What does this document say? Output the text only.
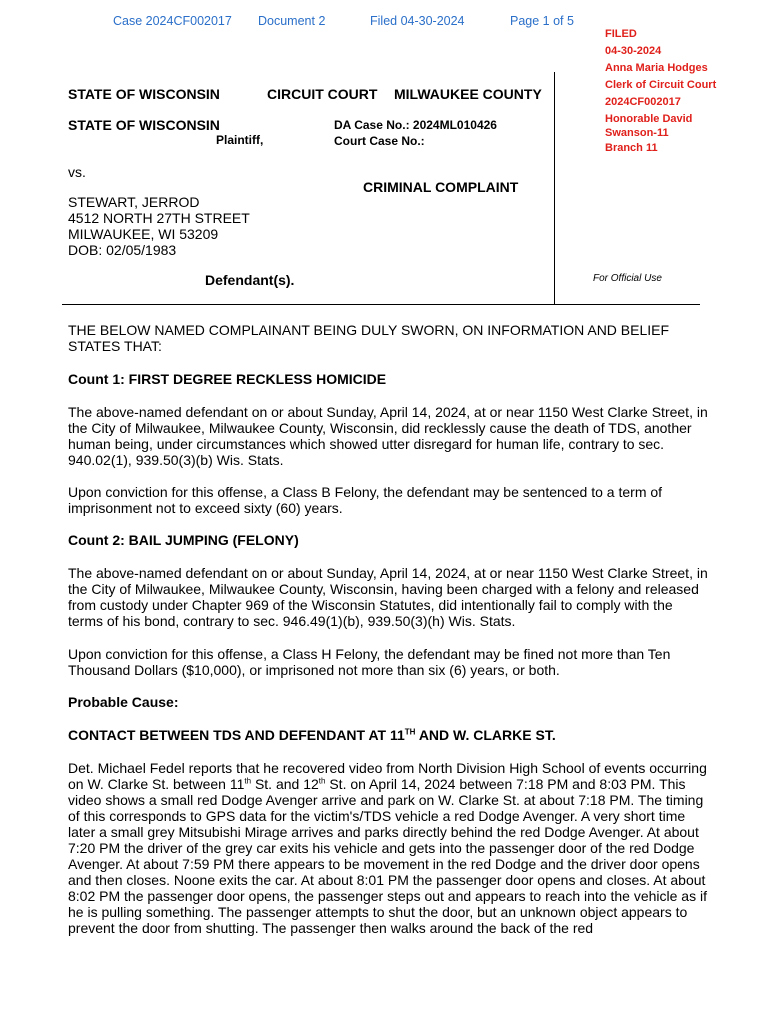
Case 2024CF002017 Document 2	Filed 04-30-2024	Page 1 of 5
FILED
04-30-2024
Anna Maria Hodges
Clerk of Circuit Court
2024CF002017
Honorable David
Swanson-11
Branch 11
STATE OF WISCONSIN	CIRCUIT COURT MILWAUKEE COUNTY
STATE OF WISCONSIN
Plaintiff,
DA Case No.: 2024ML010426
Court Case No.:
vs.
CRIMINAL COMPLAINT
STEWART, JERROD
4512 NORTH 27TH STREET
MILWAUKEE, WI 53209
DOB: 02/05/1983
Defendant(s).	For Official Use

THE BELOW NAMED COMPLAINANT BEING DULY SWORN, ON INFORMATION AND BELIEF STATES THAT:

Count 1: FIRST DEGREE RECKLESS HOMICIDE

The above-named defendant on or about Sunday, April 14, 2024, at or near 1150 West Clarke Street, in the City of Milwaukee, Milwaukee County, Wisconsin, did recklessly cause the death of TDS, another human being, under circumstances which showed utter disregard for human life, contrary to sec. 940.02(1), 939.50(3)(b) Wis. Stats.

Upon conviction for this offense, a Class B Felony, the defendant may be sentenced to a term of imprisonment not to exceed sixty (60) years.

Count 2: BAIL JUMPING (FELONY)

The above-named defendant on or about Sunday, April 14, 2024, at or near 1150 West Clarke Street, in the City of Milwaukee, Milwaukee County, Wisconsin, having been charged with a felony and released from custody under Chapter 969 of the Wisconsin Statutes, did intentionally fail to comply with the terms of his bond, contrary to sec. 946.49(1)(b), 939.50(3)(h) Wis. Stats.

Upon conviction for this offense, a Class H Felony, the defendant may be fined not more than Ten Thousand Dollars ($10,000), or imprisoned not more than six (6) years, or both.

Probable Cause:

CONTACT BETWEEN TDS AND DEFENDANT AT 11TH AND W. CLARKE ST.

Det. Michael Fedel reports that he recovered video from North Division High School of events occurring on W. Clarke St. between 11th St. and 12th St. on April 14, 2024 between 7:18 PM and 8:03 PM. This video shows a small red Dodge Avenger arrive and park on W. Clarke St. at about 7:18 PM. The timing of this corresponds to GPS data for the victim's/TDS vehicle a red Dodge Avenger. A very short time later a small grey Mitsubishi Mirage arrives and parks directly behind the red Dodge Avenger. At about 7:20 PM the driver of the grey car exits his vehicle and gets into the passenger door of the red Dodge Avenger. At about 7:59 PM there appears to be movement in the red Dodge and the driver door opens and then closes. Noone exits the car. At about 8:01 PM the passenger door opens and closes. At about 8:02 PM the passenger door opens, the passenger steps out and appears to reach into the vehicle as if he is pulling something. The passenger attempts to shut the door, but an unknown object appears to prevent the door from shutting. The passenger then walks around the back of the red
